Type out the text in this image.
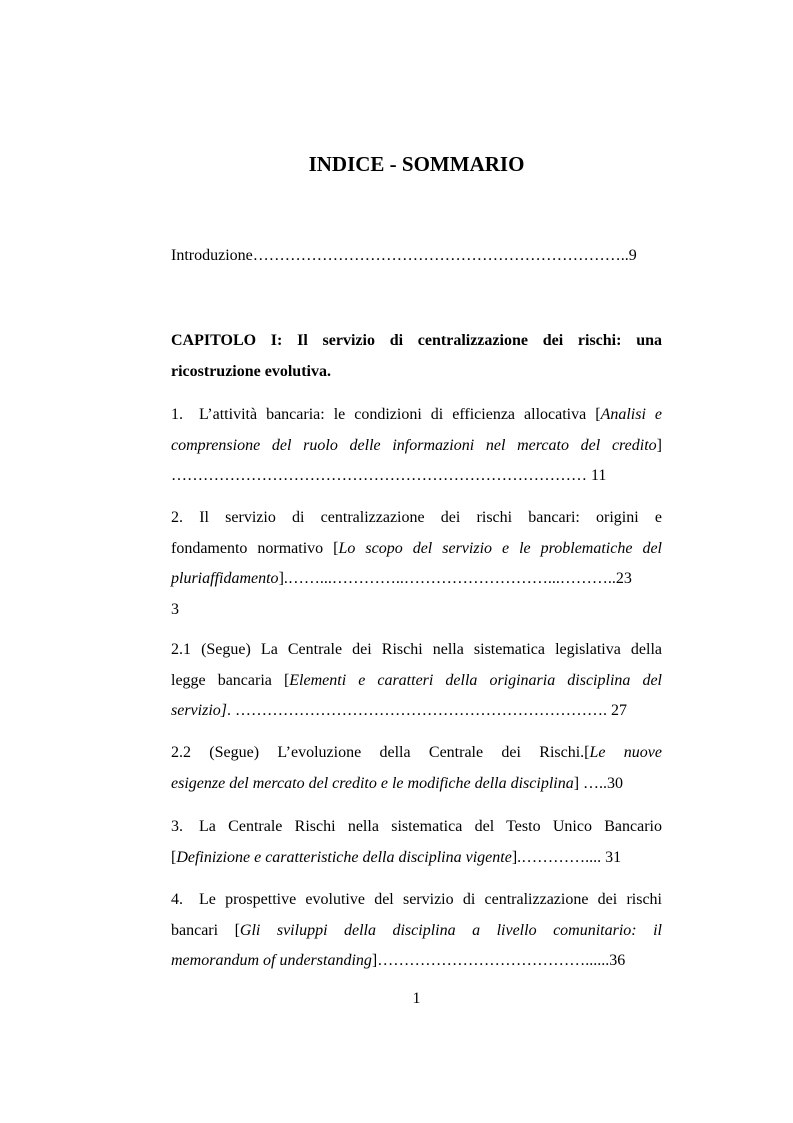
INDICE - SOMMARIO

Introduzione……………………………………………………………..9

CAPITOLO I: Il servizio di centralizzazione dei rischi: una
ricostruzione evolutiva.

1. L’attività bancaria: le condizioni di efficienza allocativa [Analisi e
comprensione del ruolo delle informazioni nel mercato del credito]
…………………………………………………………………… 11

2. Il servizio di centralizzazione dei rischi bancari: origini e
fondamento normativo [Lo scopo del servizio e le problematiche del
pluriaffidamento].……...…………..………………………...………..23
3

2.1 (Segue) La Centrale dei Rischi nella sistematica legislativa della
legge bancaria [Elementi e caratteri della originaria disciplina del
servizio]. ……………………………………………………………. 27

2.2 (Segue) L’evoluzione della Centrale dei Rischi.[Le nuove
esigenze del mercato del credito e le modifiche della disciplina] …..30

3. La Centrale Rischi nella sistematica del Testo Unico Bancario
[Definizione e caratteristiche della disciplina vigente].………….... 31

4. Le prospettive evolutive del servizio di centralizzazione dei rischi
bancari [Gli sviluppi della disciplina a livello comunitario: il
memorandum of understanding]…………………………………......36

1
